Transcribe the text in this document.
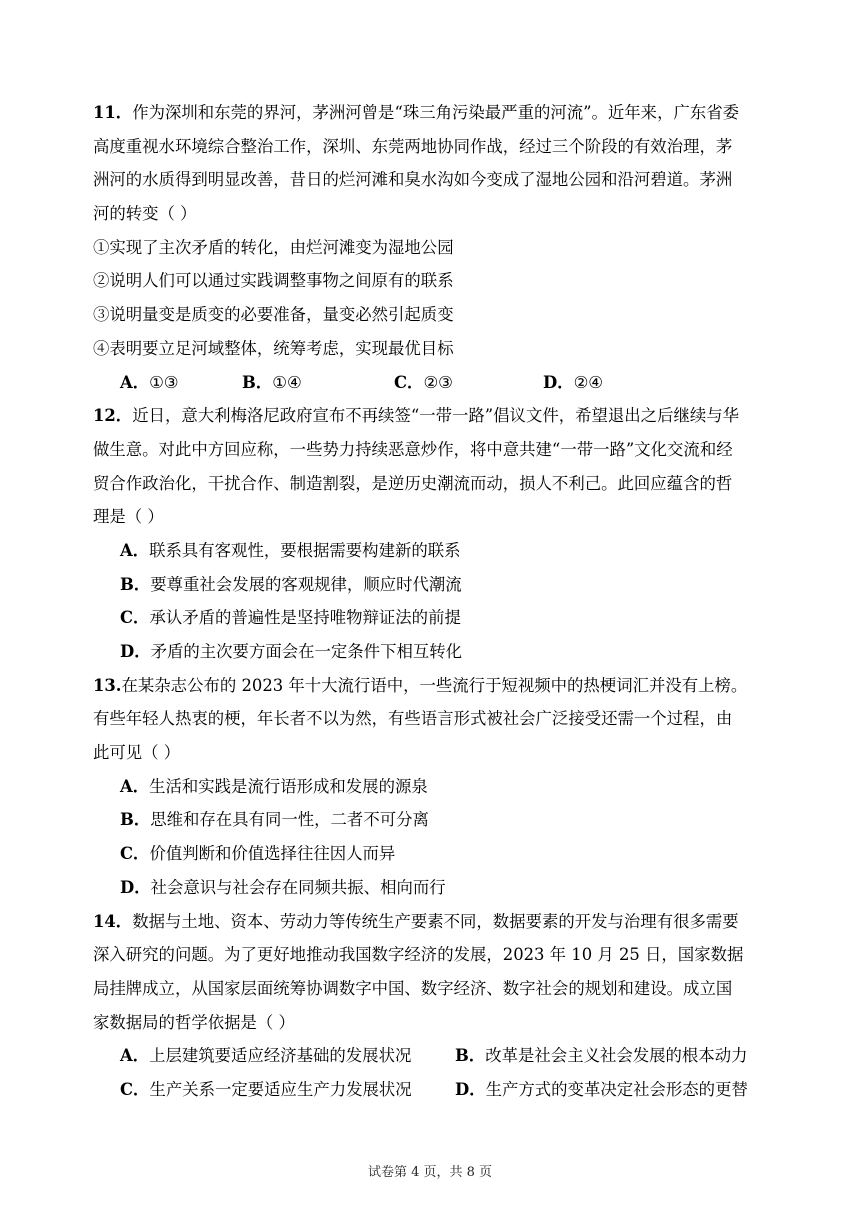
11．作为深圳和东莞的界河，茅洲河曾是“珠三角污染最严重的河流”。近年来，广东省委
高度重视水环境综合整治工作，深圳、东莞两地协同作战，经过三个阶段的有效治理，茅
洲河的水质得到明显改善，昔日的烂河滩和臭水沟如今变成了湿地公园和沿河碧道。茅洲
河的转变（ ）
①实现了主次矛盾的转化，由烂河滩变为湿地公园
②说明人们可以通过实践调整事物之间原有的联系
③说明量变是质变的必要准备，量变必然引起质变
④表明要立足河域整体，统筹考虑，实现最优目标
A．①③	B．①④	C．②③	D．②④
12．近日，意大利梅洛尼政府宣布不再续签“一带一路”倡议文件，希望退出之后继续与华
做生意。对此中方回应称，一些势力持续恶意炒作，将中意共建“一带一路”文化交流和经
贸合作政治化，干扰合作、制造割裂，是逆历史潮流而动，损人不利己。此回应蕴含的哲
理是（ ）
A．联系具有客观性，要根据需要构建新的联系
B．要尊重社会发展的客观规律，顺应时代潮流
C．承认矛盾的普遍性是坚持唯物辩证法的前提
D．矛盾的主次要方面会在一定条件下相互转化
13.在某杂志公布的 2023 年十大流行语中，一些流行于短视频中的热梗词汇并没有上榜。
有些年轻人热衷的梗，年长者不以为然，有些语言形式被社会广泛接受还需一个过程，由
此可见（ ）
A．生活和实践是流行语形成和发展的源泉
B．思维和存在具有同一性，二者不可分离
C．价值判断和价值选择往往因人而异
D．社会意识与社会存在同频共振、相向而行
14．数据与土地、资本、劳动力等传统生产要素不同，数据要素的开发与治理有很多需要
深入研究的问题。为了更好地推动我国数字经济的发展，2023 年 10 月 25 日，国家数据
局挂牌成立，从国家层面统筹协调数字中国、数字经济、数字社会的规划和建设。成立国
家数据局的哲学依据是（ ）
A．上层建筑要适应经济基础的发展状况	B．改革是社会主义社会发展的根本动力
C．生产关系一定要适应生产力发展状况	D．生产方式的变革决定社会形态的更替
试卷第 4 页，共 8 页
